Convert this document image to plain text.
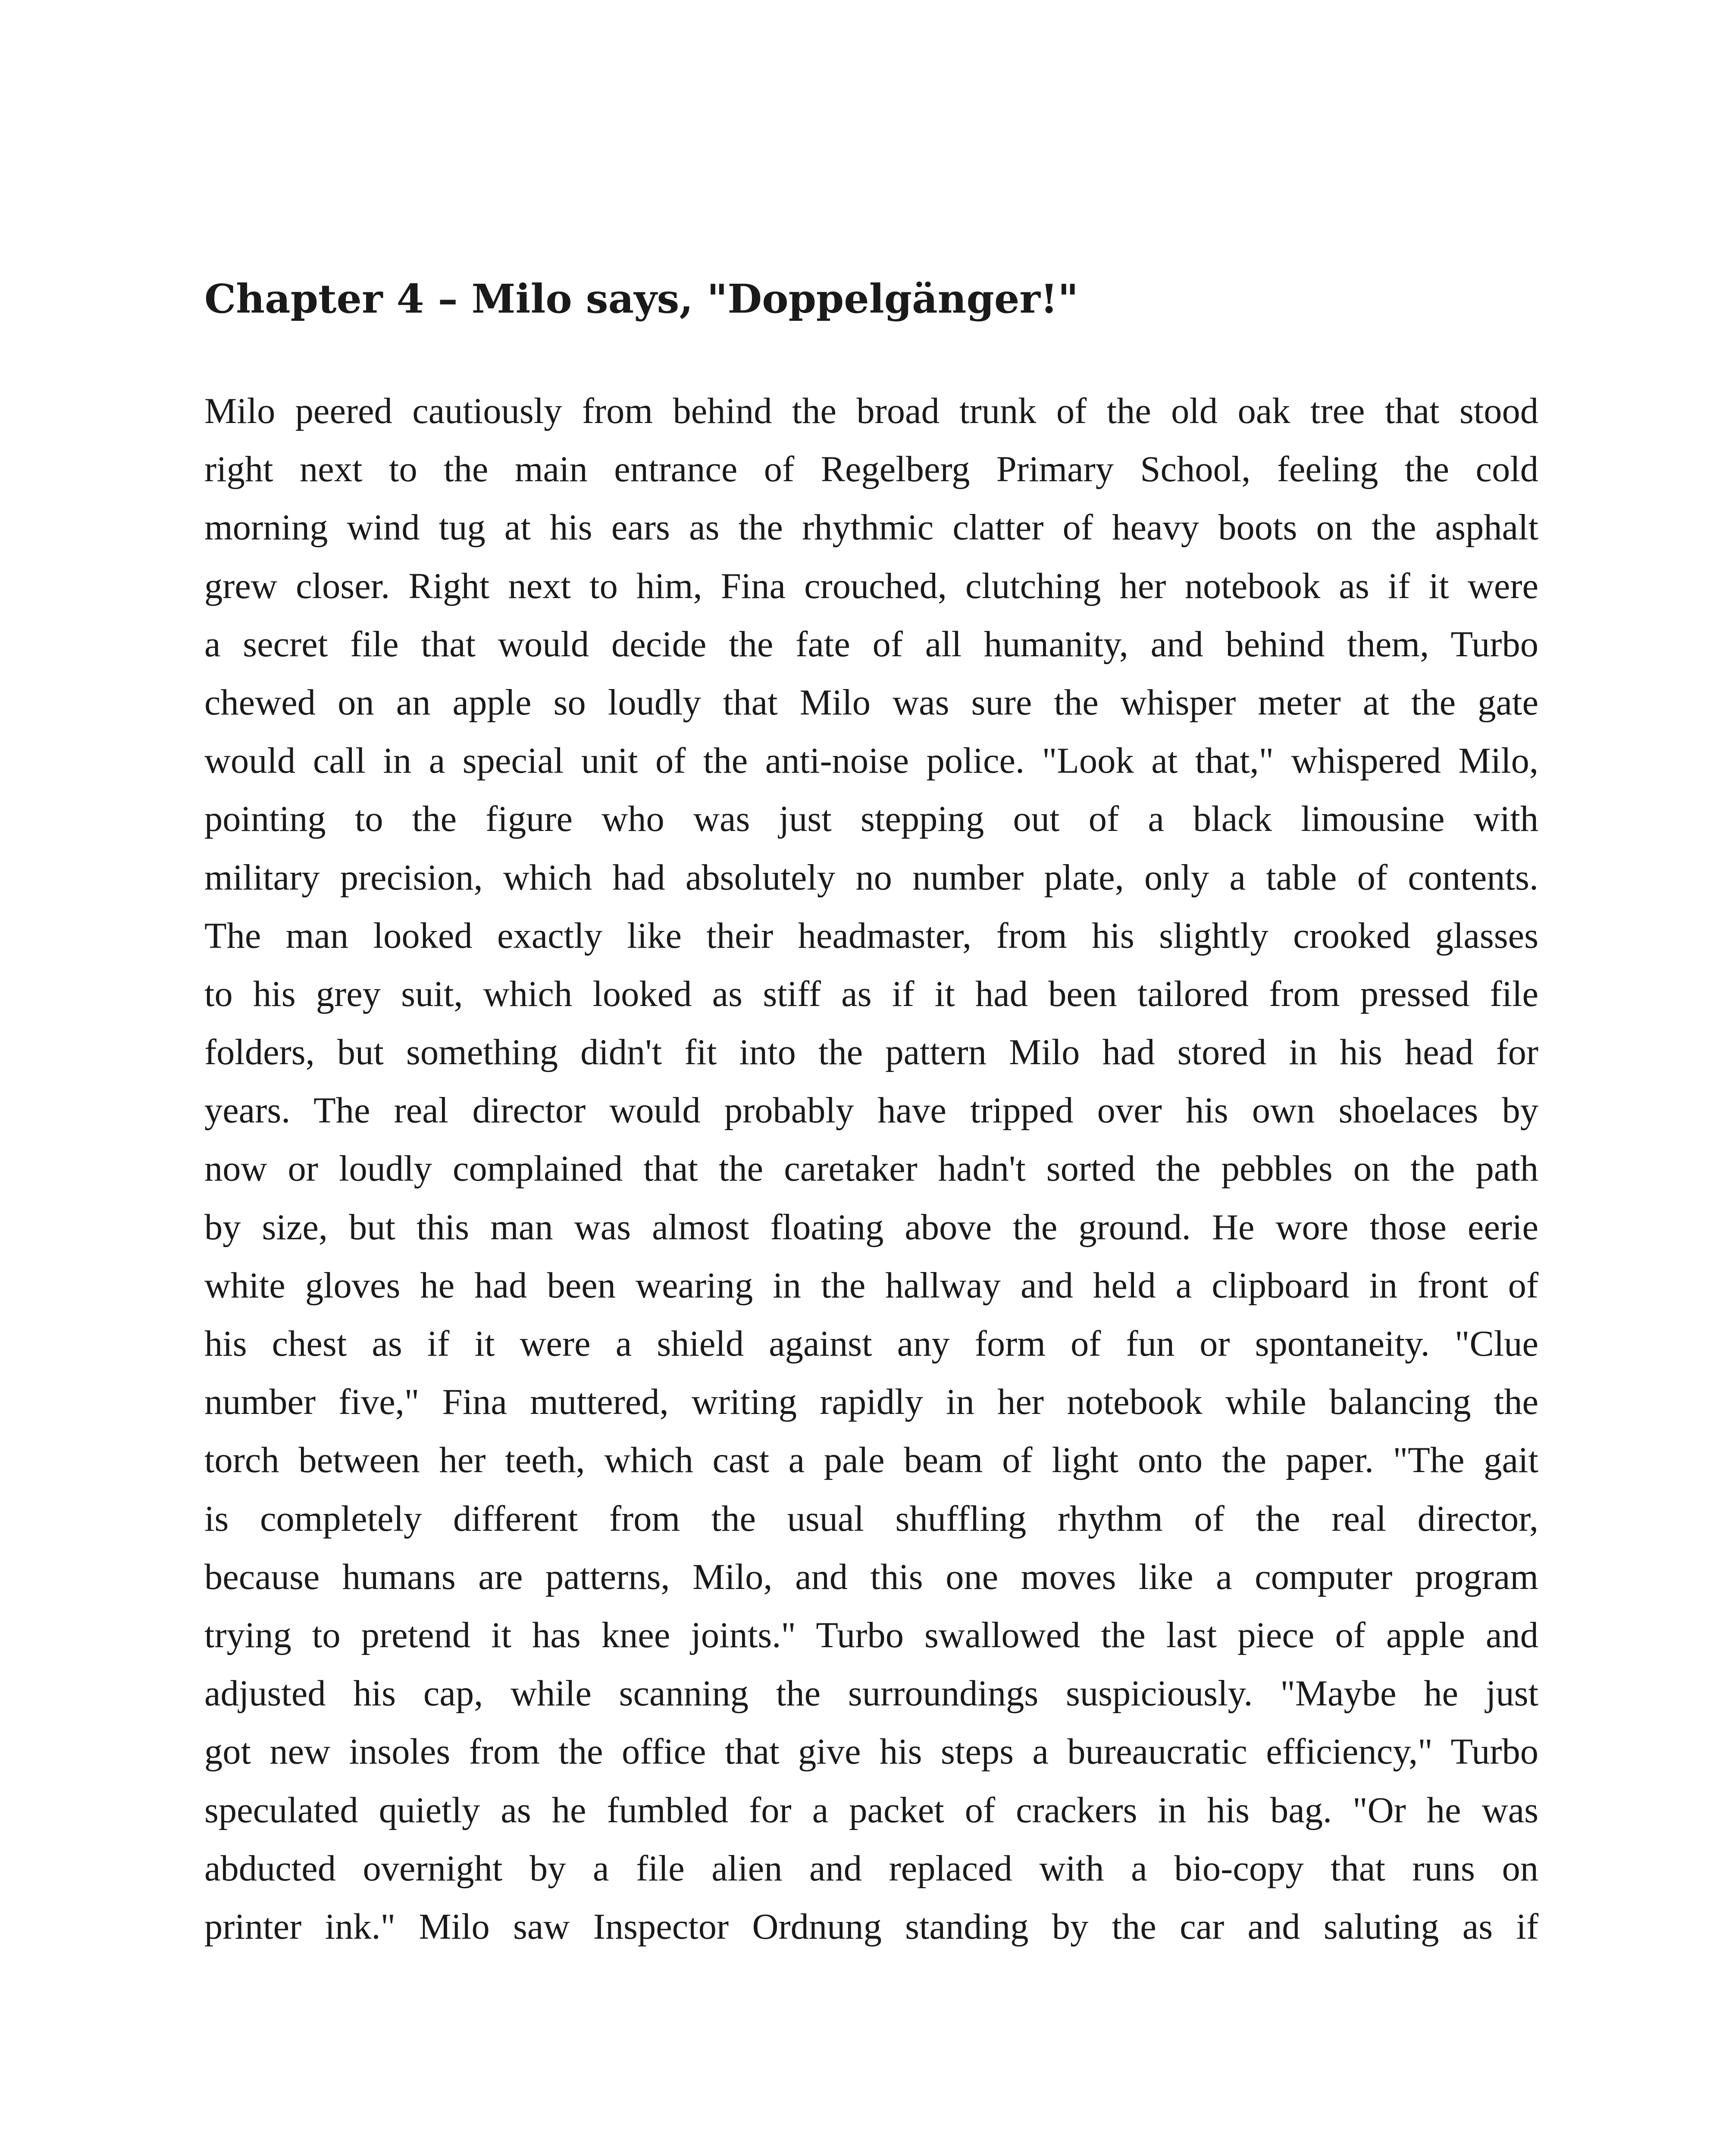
Chapter 4 – Milo says, "Doppelgänger!"
Milo peered cautiously from behind the broad trunk of the old oak tree that stood
right next to the main entrance of Regelberg Primary School, feeling the cold
morning wind tug at his ears as the rhythmic clatter of heavy boots on the asphalt
grew closer. Right next to him, Fina crouched, clutching her notebook as if it were
a secret file that would decide the fate of all humanity, and behind them, Turbo
chewed on an apple so loudly that Milo was sure the whisper meter at the gate
would call in a special unit of the anti-noise police. "Look at that," whispered Milo,
pointing to the figure who was just stepping out of a black limousine with
military precision, which had absolutely no number plate, only a table of contents.
The man looked exactly like their headmaster, from his slightly crooked glasses
to his grey suit, which looked as stiff as if it had been tailored from pressed file
folders, but something didn't fit into the pattern Milo had stored in his head for
years. The real director would probably have tripped over his own shoelaces by
now or loudly complained that the caretaker hadn't sorted the pebbles on the path
by size, but this man was almost floating above the ground. He wore those eerie
white gloves he had been wearing in the hallway and held a clipboard in front of
his chest as if it were a shield against any form of fun or spontaneity. "Clue
number five," Fina muttered, writing rapidly in her notebook while balancing the
torch between her teeth, which cast a pale beam of light onto the paper. "The gait
is completely different from the usual shuffling rhythm of the real director,
because humans are patterns, Milo, and this one moves like a computer program
trying to pretend it has knee joints." Turbo swallowed the last piece of apple and
adjusted his cap, while scanning the surroundings suspiciously. "Maybe he just
got new insoles from the office that give his steps a bureaucratic efficiency," Turbo
speculated quietly as he fumbled for a packet of crackers in his bag. "Or he was
abducted overnight by a file alien and replaced with a bio-copy that runs on
printer ink." Milo saw Inspector Ordnung standing by the car and saluting as if
